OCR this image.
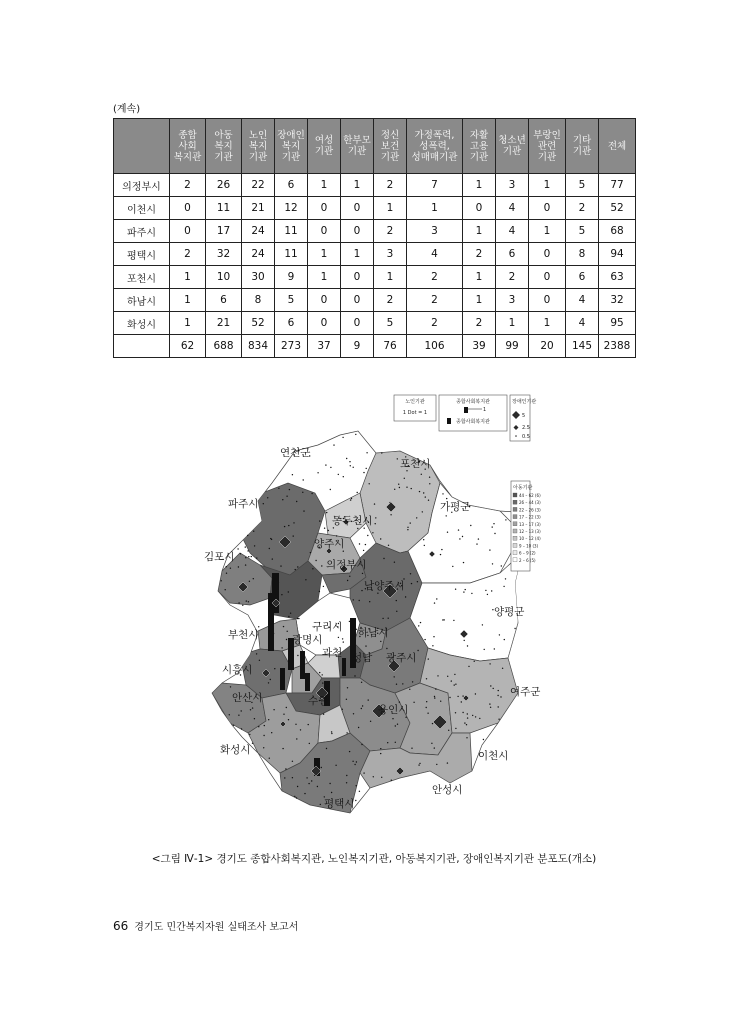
(계속)
	종합
사회
복지관	아동
복지
기관	노인
복지
기관	장애인
복지
기관	여성
기관	한부모
기관	정신
보건
기관	가정폭력,
성폭력,
성매매기관	자활
고용
기관	청소년
기관	부랑인
관련
기관	기타
기관	전체
의정부시	2	26	22	6	1	1	2	7	1	3	1	5	77
이천시	0	11	21	12	0	0	1	1	0	4	0	2	52
파주시	0	17	24	11	0	0	2	3	1	4	1	5	68
평택시	2	32	24	11	1	1	3	4	2	6	0	8	94
포천시	1	10	30	9	1	0	1	2	1	2	0	6	63
하남시	1	6	8	5	0	0	2	2	1	3	0	4	32
화성시	1	21	52	6	0	0	5	2	2	1	1	4	95
	62	688	834	273	37	9	76	106	39	99	20	145	2388
연천군
포천시
파주시	가평군
동두천시
양주시
김포시
의정부시
남양주시
양평군
구리시
부천시	광명시
하남시
과천 성남 광주시
시흥시
안산시	수원
용인시
여주군
화성시	이천시
안성시
평택시
노인기관
1 Dot = 1
종합사회복지관
1
종합사회복지관
장애인기관
5
2.5
0.5
아동기관
44 – 62 (6)
26 – 44 (3)
22 – 26 (3)
17 – 22 (3)
13 – 17 (3)
12 – 13 (3)
10 – 12 (4)
9 – 10 (3)
6 – 9 (2)
2 – 6 (5)
<그림 Ⅳ-1> 경기도 종합사회복지관, 노인복지기관, 아동복지기관, 장애인복지기관 분포도(개소)
66 경기도 민간복지자원 실태조사 보고서
